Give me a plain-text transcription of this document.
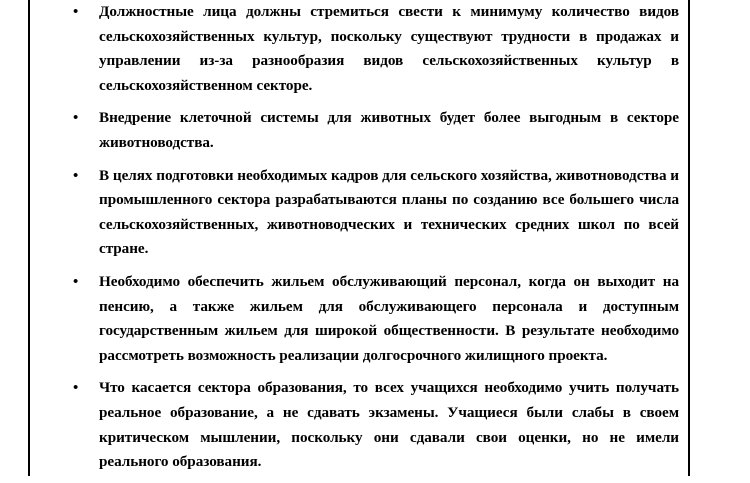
• Должностные лица должны стремиться свести к минимуму количество видов сельскохозяйственных культур, поскольку существуют трудности в продажах и управлении из-за разнообразия видов сельскохозяйственных культур в сельскохозяйственном секторе.
• Внедрение клеточной системы для животных будет более выгодным в секторе животноводства.
• В целях подготовки необходимых кадров для сельского хозяйства, животноводства и промышленного сектора разрабатываются планы по созданию все большего числа сельскохозяйственных, животноводческих и технических средних школ по всей стране.
• Необходимо обеспечить жильем обслуживающий персонал, когда он выходит на пенсию, а также жильем для обслуживающего персонала и доступным государственным жильем для широкой общественности. В результате необходимо рассмотреть возможность реализации долгосрочного жилищного проекта.
• Что касается сектора образования, то всех учащихся необходимо учить получать реальное образование, а не сдавать экзамены. Учащиеся были слабы в своем критическом мышлении, поскольку они сдавали свои оценки, но не имели реального образования.
